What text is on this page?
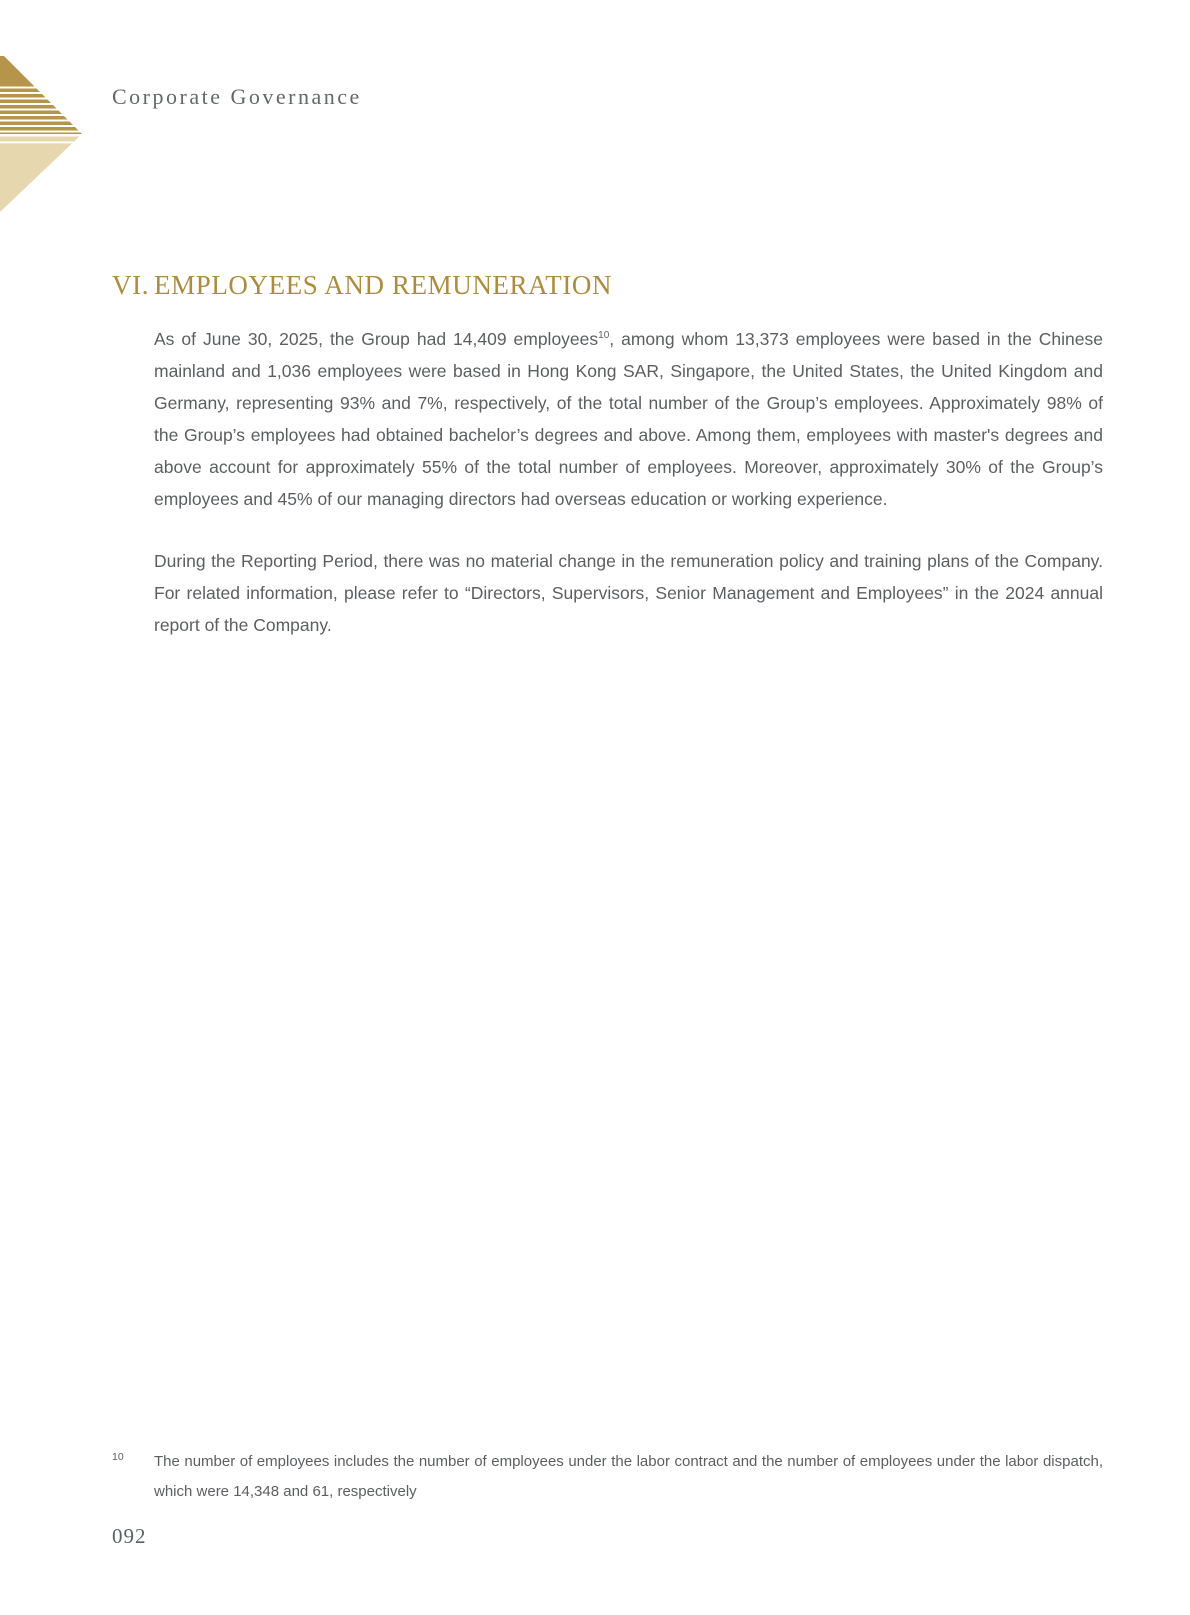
Corporate Governance
VI. EMPLOYEES AND REMUNERATION

As of June 30, 2025, the Group had 14,409 employees$^{10}$, among whom 13,373 employees were based in the Chinese mainland and 1,036 employees were based in Hong Kong SAR, Singapore, the United States, the United Kingdom and Germany, representing 93% and 7%, respectively, of the total number of the Group’s employees. Approximately 98% of the Group’s employees had obtained bachelor’s degrees and above. Among them, employees with master's degrees and above account for approximately 55% of the total number of employees. Moreover, approximately 30% of the Group’s employees and 45% of our managing directors had overseas education or working experience.

During the Reporting Period, there was no material change in the remuneration policy and training plans of the Company. For related information, please refer to “Directors, Supervisors, Senior Management and Employees” in the 2024 annual report of the Company.

10	The number of employees includes the number of employees under the labor contract and the number of employees under the labor dispatch, which were 14,348 and 61, respectively
092
